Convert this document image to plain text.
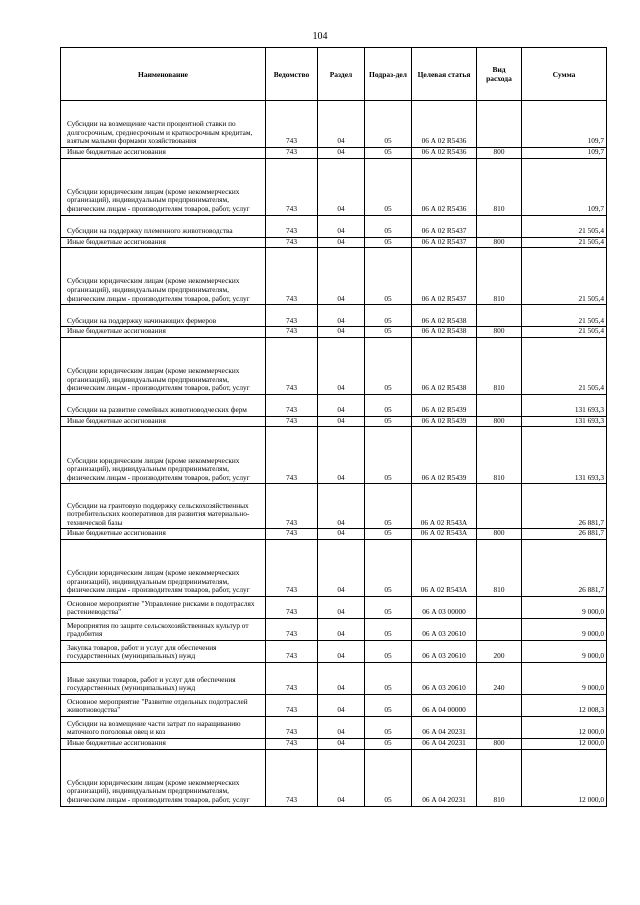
104
Наименование	Ведомство	Раздел	Подраз-дел	Целевая статья	Вид расхода	Сумма
Субсидии на возмещение части процентной ставки по долгосрочным, среднесрочным и краткосрочным кредитам, взятым малыми формами хозяйствования	743	04	05	06 А 02 R5436		109,7
Иные бюджетные ассигнования	743	04	05	06 А 02 R5436	800	109,7
Субсидии юридическим лицам (кроме некоммерческих организаций), индивидуальным предпринимателям, физическим лицам - производителям товаров, работ, услуг	743	04	05	06 А 02 R5436	810	109,7
Субсидии на поддержку племенного животноводства	743	04	05	06 А 02 R5437		21 505,4
Иные бюджетные ассигнования	743	04	05	06 А 02 R5437	800	21 505,4
Субсидии юридическим лицам (кроме некоммерческих организаций), индивидуальным предпринимателям, физическим лицам - производителям товаров, работ, услуг	743	04	05	06 А 02 R5437	810	21 505,4
Субсидии на поддержку начинающих фермеров	743	04	05	06 А 02 R5438		21 505,4
Иные бюджетные ассигнования	743	04	05	06 А 02 R5438	800	21 505,4
Субсидии юридическим лицам (кроме некоммерческих организаций), индивидуальным предпринимателям, физическим лицам - производителям товаров, работ, услуг	743	04	05	06 А 02 R5438	810	21 505,4
Субсидии на развитие семейных животноводческих ферм	743	04	05	06 А 02 R5439		131 693,3
Иные бюджетные ассигнования	743	04	05	06 А 02 R5439	800	131 693,3
Субсидии юридическим лицам (кроме некоммерческих организаций), индивидуальным предпринимателям, физическим лицам - производителям товаров, работ, услуг	743	04	05	06 А 02 R5439	810	131 693,3
Субсидии на грантовую поддержку сельскохозяйственных потребительских кооперативов для развития материально-технической базы	743	04	05	06 А 02 R543А		26 881,7
Иные бюджетные ассигнования	743	04	05	06 А 02 R543А	800	26 881,7
Субсидии юридическим лицам (кроме некоммерческих организаций), индивидуальным предпринимателям, физическим лицам - производителям товаров, работ, услуг	743	04	05	06 А 02 R543А	810	26 881,7
Основное мероприятие "Управление рисками в подотраслях растениеводства"	743	04	05	06 А 03 00000		9 000,0
Мероприятия по защите сельскохозяйственных культур от градобития	743	04	05	06 А 03 20610		9 000,0
Закупка товаров, работ и услуг для обеспечения государственных (муниципальных) нужд	743	04	05	06 А 03 20610	200	9 000,0
Иные закупки товаров, работ и услуг для обеспечения государственных (муниципальных) нужд	743	04	05	06 А 03 20610	240	9 000,0
Основное мероприятие "Развитие отдельных подотраслей животноводства"	743	04	05	06 А 04 00000		12 008,3
Субсидии на возмещение части затрат по наращиванию маточного поголовья овец и коз	743	04	05	06 А 04 20231		12 000,0
Иные бюджетные ассигнования	743	04	05	06 А 04 20231	800	12 000,0
Субсидии юридическим лицам (кроме некоммерческих организаций), индивидуальным предпринимателям, физическим лицам - производителям товаров, работ, услуг	743	04	05	06 А 04 20231	810	12 000,0
